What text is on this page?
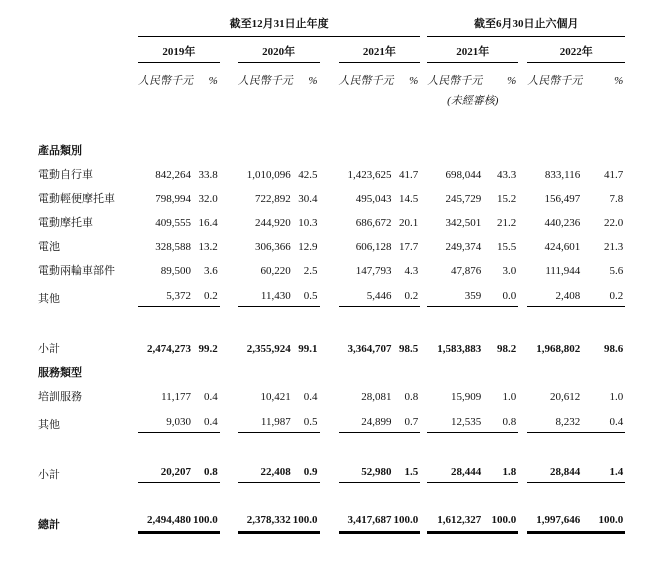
	截至12月31日止年度									截至6月30日止六個月				
	2019年			2020年			2021年			2021年			2022年	
	人民幣千元	%		人民幣千元	%		人民幣千元	%		人民幣千元	%		人民幣千元	%
										(未經審核)				

產品類別														
電動自行車	842,264	33.8		1,010,096	42.5		1,423,625	41.7		698,044	43.3		833,116	41.7
電動輕便摩托車	798,994	32.0		722,892	30.4		495,043	14.5		245,729	15.2		156,497	7.8
電動摩托車	409,555	16.4		244,920	10.3		686,672	20.1		342,501	21.2		440,236	22.0
電池	328,588	13.2		306,366	12.9		606,128	17.7		249,374	15.5		424,601	21.3
電動兩輪車部件	89,500	3.6		60,220	2.5		147,793	4.3		47,876	3.0		111,944	5.6
其他	5,372	0.2		11,430	0.5		5,446	0.2		359	0.0		2,408	0.2

小計	2,474,273	99.2		2,355,924	99.1		3,364,707	98.5		1,583,883	98.2		1,968,802	98.6
服務類型														
培訓服務	11,177	0.4		10,421	0.4		28,081	0.8		15,909	1.0		20,612	1.0
其他	9,030	0.4		11,987	0.5		24,899	0.7		12,535	0.8		8,232	0.4

小計	20,207	0.8		22,408	0.9		52,980	1.5		28,444	1.8		28,844	1.4

總計	2,494,480	100.0		2,378,332	100.0		3,417,687	100.0		1,612,327	100.0		1,997,646	100.0
